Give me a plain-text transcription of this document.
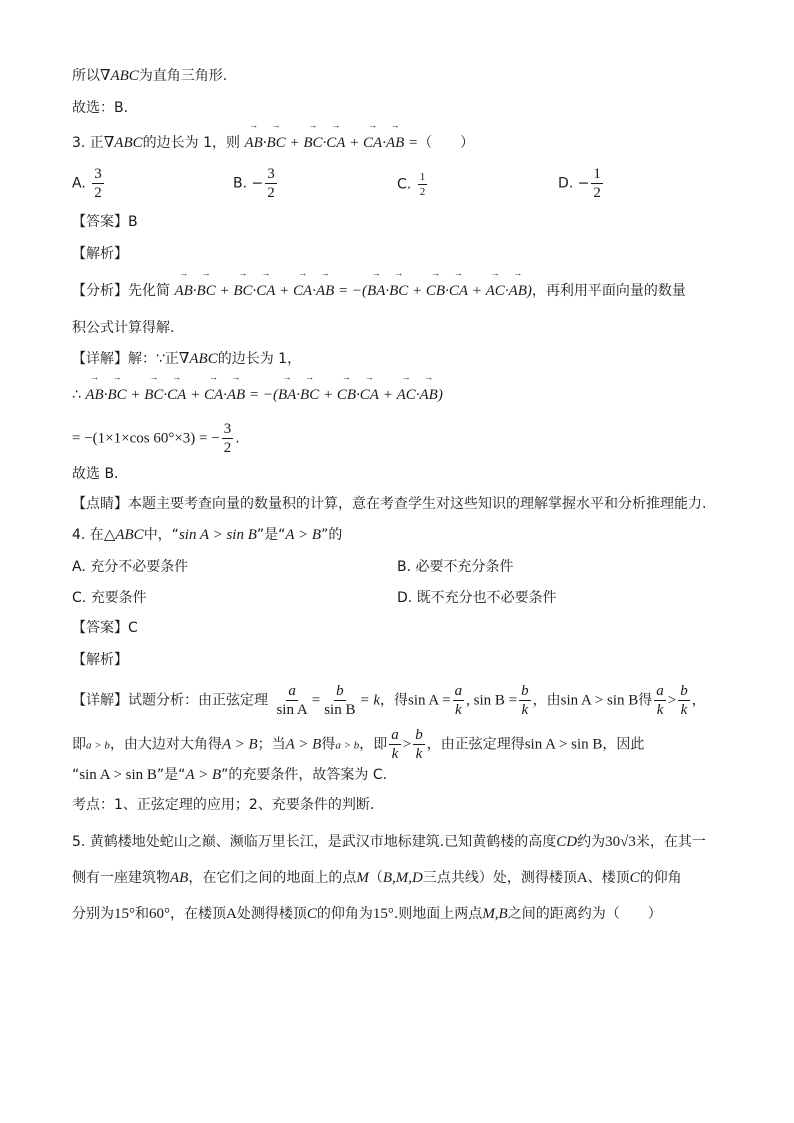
所以∇ABC为直角三角形.
故选：B.
3. 正∇ABC的边长为 1，则 → AB·→ BC + → BC·→ CA + → CA·→ AB =（　　）
A. $\frac{3}{2}$	B. − $\frac{3}{2}$	C. $\frac{1}{2}$	D. − $\frac{1}{2}$
【答案】B
【解析】
【分析】先化简 → AB·→ BC + → BC·→ CA + → CA·→ AB = −(→ BA·→ BC + → CB·→ CA + → AC·→ AB)，再利用平面向量的数量
积公式计算得解.
【详解】解：∵正∇ABC的边长为 1，
∴ → AB·→ BC + → BC·→ CA + → CA·→ AB = −(→ BA·→ BC + → CB·→ CA + → AC·→ AB)
= −(1×1×cos 60°×3) = − $\frac{3}{2}$ .
故选 B．
【点睛】本题主要考查向量的数量积的计算，意在考查学生对这些知识的理解掌握水平和分析推理能力.
4. 在△ABC中，“sin A > sin B”是“A > B”的
A. 充分不必要条件	B. 必要不充分条件
C. 充要条件	D. 既不充分也不必要条件
【答案】C
【解析】
【详解】试题分析：由正弦定理 $\frac{a}{\text{sin A}} = \frac{b}{\text{sin B}} = k$，得$\sin A = \frac{a}{k}$ , $\sin B = \frac{b}{k}$ ，由sin A > sin B得 $\frac{a}{k} > \frac{b}{k}$ ，
即a > b，由大边对大角得A > B；当A > B得a > b，即 $\frac{a}{k} > \frac{b}{k}$ ，由正弦定理得sin A > sin B，因此
“sin A > sin B”是“A > B”的充要条件，故答案为 C.
考点：1、正弦定理的应用；2、充要条件的判断.
5. 黄鹤楼地处蛇山之巅、濒临万里长江，是武汉市地标建筑.已知黄鹤楼的高度CD约为30√3米，在其一
侧有一座建筑物AB，在它们之间的地面上的点M（B,M,D三点共线）处，测得楼顶A、楼顶C的仰角
分别为15°和60°，在楼顶A处测得楼顶C的仰角为15°.则地面上两点M,B之间的距离约为（　　）
